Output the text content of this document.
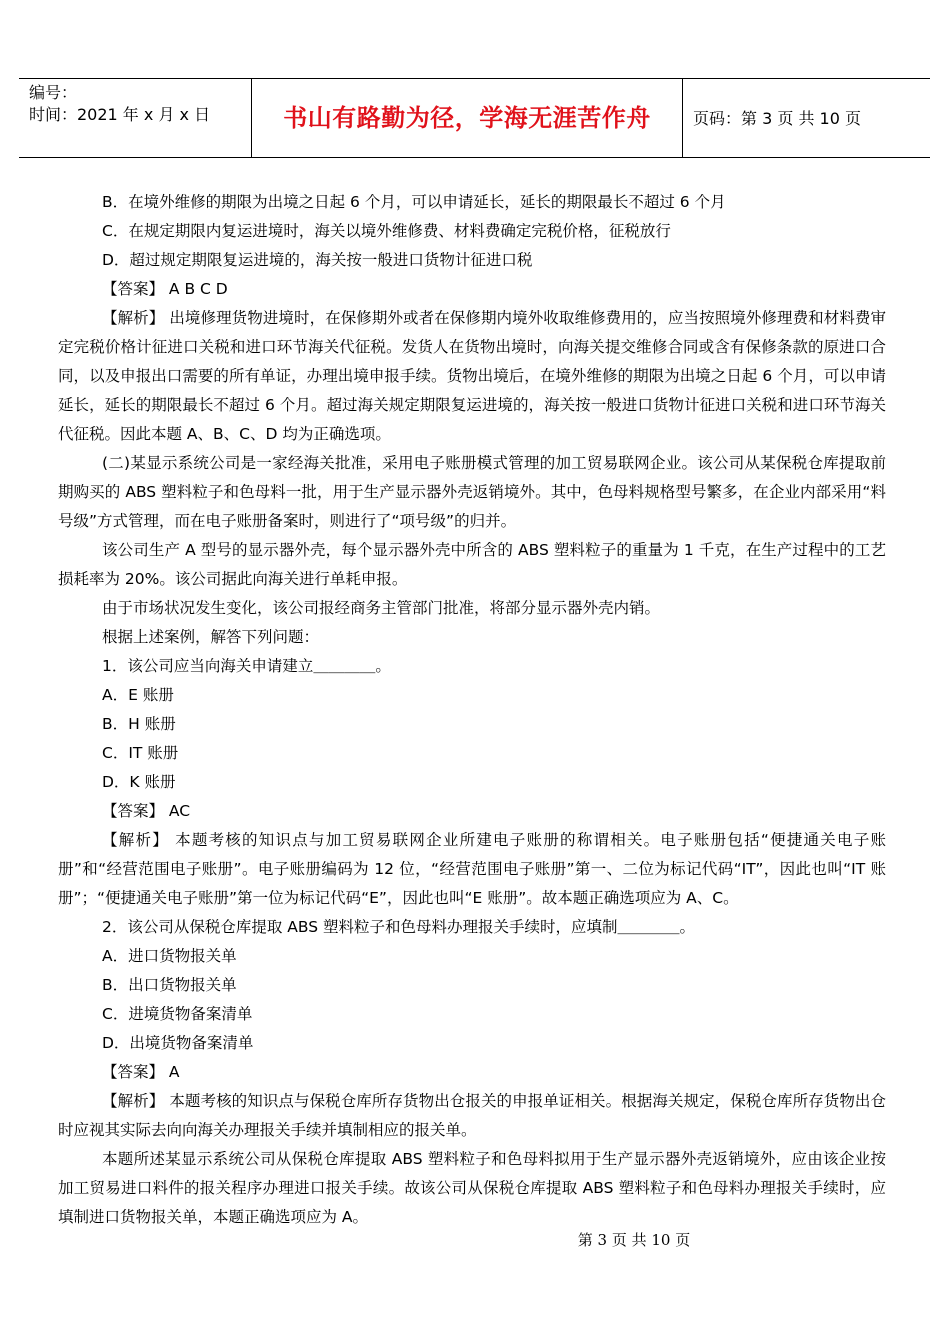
编号：
时间：2021 年 x 月 x 日	书山有路勤为径，学海无涯苦作舟	页码：第 3 页 共 10 页

B．在境外维修的期限为出境之日起 6 个月，可以申请延长，延长的期限最长不超过 6 个月

C．在规定期限内复运进境时，海关以境外维修费、材料费确定完税价格，征税放行

D．超过规定期限复运进境的，海关按一般进口货物计征进口税

【答案】 A B C D

【解析】 出境修理货物进境时，在保修期外或者在保修期内境外收取维修费用的，应当按照境外修理费和材料费审定完税价格计征进口关税和进口环节海关代征税。发货人在货物出境时，向海关提交维修合同或含有保修条款的原进口合同，以及申报出口需要的所有单证，办理出境申报手续。货物出境后，在境外维修的期限为出境之日起 6 个月，可以申请延长，延长的期限最长不超过 6 个月。超过海关规定期限复运进境的，海关按一般进口货物计征进口关税和进口环节海关代征税。因此本题 A、B、C、D 均为正确选项。

(二)某显示系统公司是一家经海关批准，采用电子账册模式管理的加工贸易联网企业。该公司从某保税仓库提取前期购买的 ABS 塑料粒子和色母料一批，用于生产显示器外壳返销境外。其中，色母料规格型号繁多，在企业内部采用“料号级”方式管理，而在电子账册备案时，则进行了“项号级”的归并。

该公司生产 A 型号的显示器外壳，每个显示器外壳中所含的 ABS 塑料粒子的重量为 1 千克，在生产过程中的工艺损耗率为 20%。该公司据此向海关进行单耗申报。

由于市场状况发生变化，该公司报经商务主管部门批准，将部分显示器外壳内销。

根据上述案例，解答下列问题：

1．该公司应当向海关申请建立＿＿＿＿。

A．E 账册

B．H 账册

C．IT 账册

D．K 账册

【答案】 AC

【解析】 本题考核的知识点与加工贸易联网企业所建电子账册的称谓相关。电子账册包括“便捷通关电子账册”和“经营范围电子账册”。电子账册编码为 12 位，“经营范围电子账册”第一、二位为标记代码“IT”，因此也叫“IT 账册”；“便捷通关电子账册”第一位为标记代码“E”，因此也叫“E 账册”。故本题正确选项应为 A、C。

2．该公司从保税仓库提取 ABS 塑料粒子和色母料办理报关手续时，应填制＿＿＿＿。

A．进口货物报关单

B．出口货物报关单

C．进境货物备案清单

D．出境货物备案清单

【答案】 A

【解析】 本题考核的知识点与保税仓库所存货物出仓报关的申报单证相关。根据海关规定，保税仓库所存货物出仓时应视其实际去向向海关办理报关手续并填制相应的报关单。

本题所述某显示系统公司从保税仓库提取 ABS 塑料粒子和色母料拟用于生产显示器外壳返销境外，应由该企业按加工贸易进口料件的报关程序办理进口报关手续。故该公司从保税仓库提取 ABS 塑料粒子和色母料办理报关手续时，应填制进口货物报关单，本题正确选项应为 A。

第 3 页 共 10 页
